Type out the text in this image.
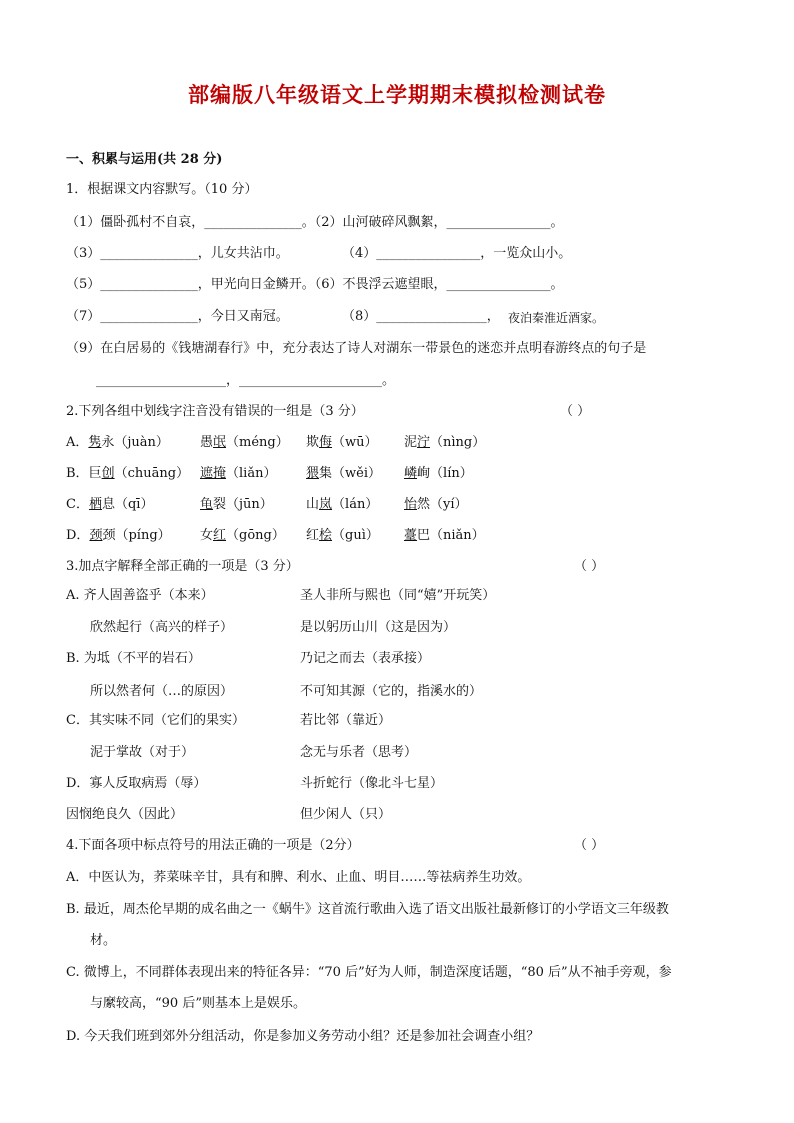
部编版八年级语文上学期期末模拟检测试卷
一、积累与运用(共 28 分)
1．根据课文内容默写。（10 分）
（1）僵卧孤村不自哀，_______________。（2）山河破碎风飘絮，________________。
（3）_______________，儿女共沾巾。	（4）________________，一览众山小。
（5）_______________，甲光向日金鳞开。（6）不畏浮云遮望眼，________________。
（7）_______________，今日又南冠。	（8）_________________， 夜泊秦淮近酒家。
（9）在白居易的《钱塘湖春行》中，充分表达了诗人对湖东一带景色的迷恋并点明春游终点的句子是
____________________，______________________。
2.下列各组中划线字注音没有错误的一组是（3 分）	（ ）
A．隽永（juàn） 愚氓（méng） 欺侮（wū） 泥泞（nìng）
B．巨创（chuāng） 遮掩（liǎn） 猥集（wěi） 嶙峋（lín）
C．栖息（qī）	龟裂（jūn）	山岚（lán） 怡然（yí）
D．颈颈（píng） 女红（gōng） 红桧（guì） 薹巴（niǎn）
3.加点字解释全部正确的一项是（3 分）	（ ）
A. 齐人固善盗乎（本来）	圣人非所与熙也（同“嬉”开玩笑）
欣然起行（高兴的样子）	是以躬历山川（这是因为）
B. 为坻（不平的岩石）	乃记之而去（表承接）
所以然者何（…的原因）	不可知其源（它的，指溪水的）
C．其实味不同（它们的果实）	若比邻（靠近）
泥于掌故（对于）	念无与乐者（思考）
D．寡人反取病焉（辱）	斗折蛇行（像北斗七星）
因悯绝良久（因此）	但少闲人（只）
4.下面各项中标点符号的用法正确的一项是（2分）	（ ）
A．中医认为，荞菜味辛甘，具有和脾、利水、止血、明目……等祛病养生功效。
B. 最近，周杰伦早期的成名曲之一《蜗牛》这首流行歌曲入选了语文出版社最新修订的小学语文三年级教
材。
C. 微博上，不同群体表现出来的特征各异：“70 后”好为人师，制造深度话题，“80 后”从不袖手旁观，参
与縻较高，“90 后”则基本上是娱乐。
D. 今天我们班到郊外分组活动，你是参加义务劳动小组？还是参加社会调查小组？
